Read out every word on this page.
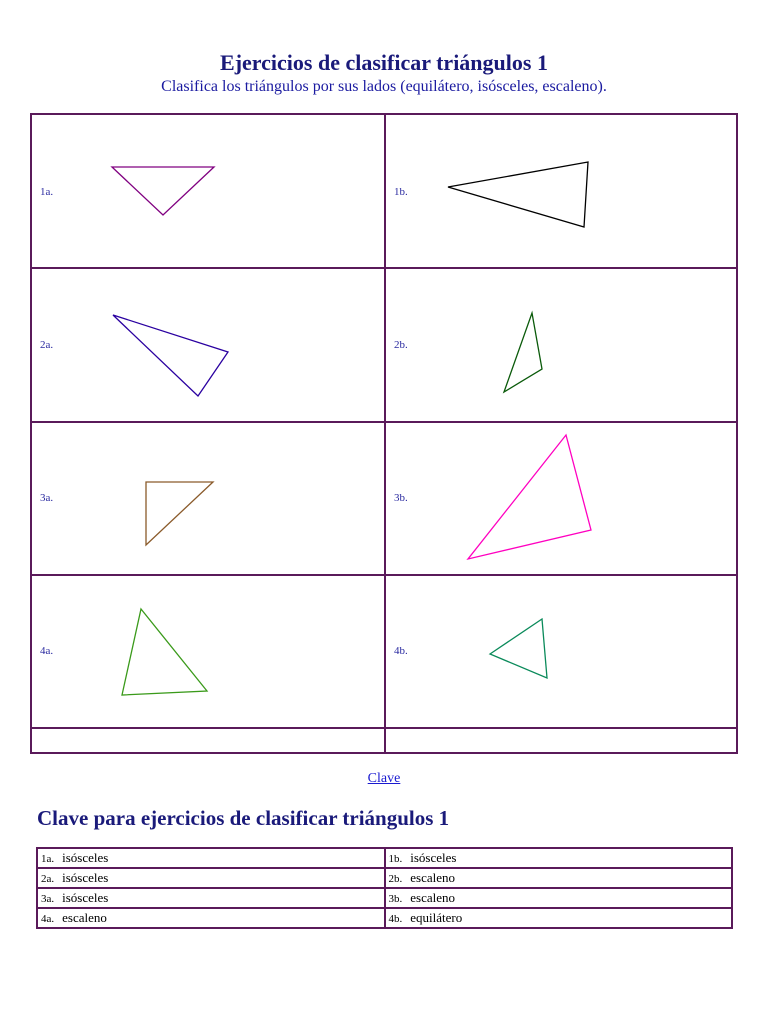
Ejercicios de clasificar triángulos 1
Clasifica los triángulos por sus lados (equilátero, isósceles, escaleno).
1a.	1b.
2a.	2b.
3a.	3b.
4a.	4b.
Clave
Clave para ejercicios de clasificar triángulos 1
1a. isósceles	1b. isósceles
2a. isósceles	2b. escaleno
3a. isósceles	3b. escaleno
4a. escaleno	4b. equilátero
